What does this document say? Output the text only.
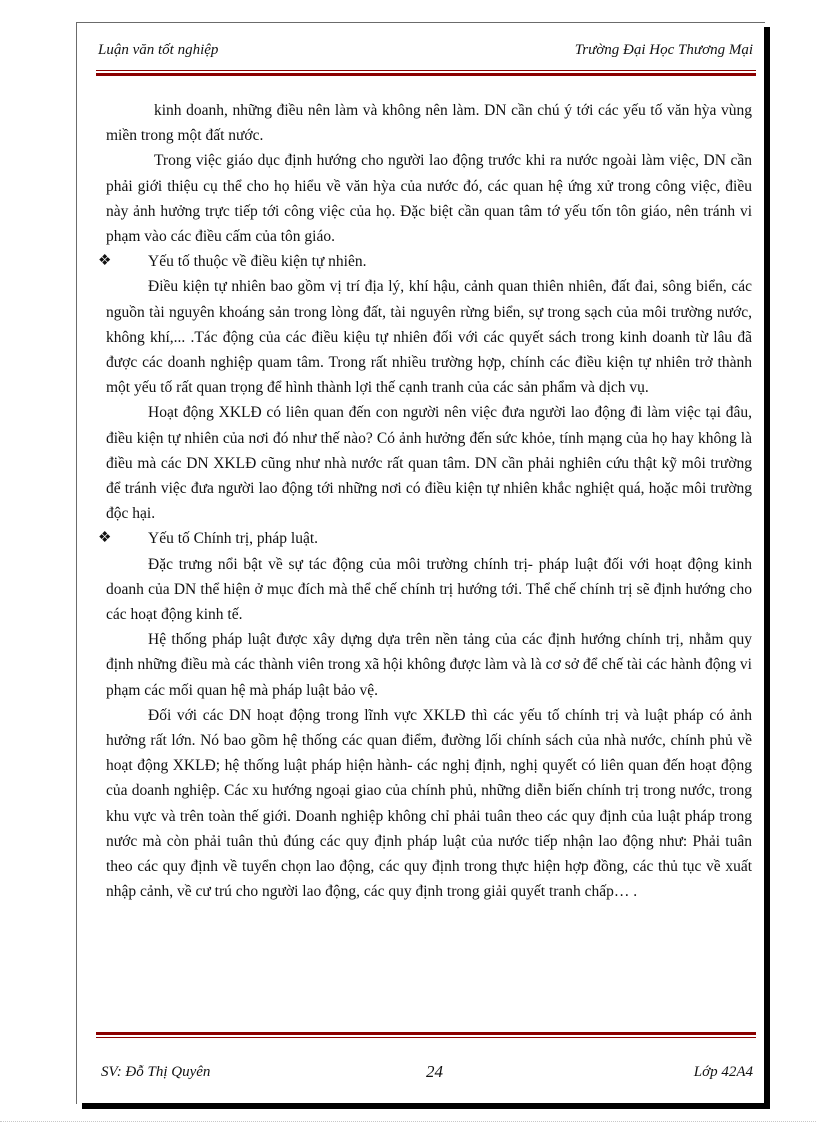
Luận văn tốt nghiệp	Trường Đại Học Thương Mại

kinh doanh, những điều nên làm và không nên làm. DN cần chú ý tới các yếu tố văn hỳa vùng miền trong một đất nước.

Trong việc giáo dục định hướng cho người lao động trước khi ra nước ngoài làm việc, DN cần phải giới thiệu cụ thể cho họ hiểu về văn hỳa của nước đó, các quan hệ ứng xử trong công việc, điều này ảnh hưởng trực tiếp tới công việc của họ. Đặc biệt cần quan tâm tớ yếu tốn tôn giáo, nên tránh vi phạm vào các điều cấm của tôn giáo.

❖ Yếu tố thuộc về điều kiện tự nhiên.

Điều kiện tự nhiên bao gồm vị trí địa lý, khí hậu, cảnh quan thiên nhiên, đất đai, sông biển, các nguồn tài nguyên khoáng sản trong lòng đất, tài nguyên rừng biển, sự trong sạch của môi trường nước, không khí,... .Tác động của các điều kiệu tự nhiên đối với các quyết sách trong kinh doanh từ lâu đã được các doanh nghiệp quam tâm. Trong rất nhiều trường hợp, chính các điều kiện tự nhiên trở thành một yếu tố rất quan trọng để hình thành lợi thế cạnh tranh của các sản phẩm và dịch vụ.

Hoạt động XKLĐ có liên quan đến con người nên việc đưa người lao động đi làm việc tại đâu, điều kiện tự nhiên của nơi đó như thế nào? Có ảnh hưởng đến sức khỏe, tính mạng của họ hay không là điều mà các DN XKLĐ cũng như nhà nước rất quan tâm. DN cần phải nghiên cứu thật kỹ môi trường để tránh việc đưa người lao động tới những nơi có điều kiện tự nhiên khắc nghiệt quá, hoặc môi trường độc hại.

❖ Yếu tố Chính trị, pháp luật.

Đặc trưng nổi bật về sự tác động của môi trường chính trị- pháp luật đối với hoạt động kinh doanh của DN thể hiện ở mục đích mà thể chế chính trị hướng tới. Thể chế chính trị sẽ định hướng cho các hoạt động kinh tế.

Hệ thống pháp luật được xây dựng dựa trên nền tảng của các định hướng chính trị, nhằm quy định những điều mà các thành viên trong xã hội không được làm và là cơ sở để chế tài các hành động vi phạm các mối quan hệ mà pháp luật bảo vệ.

Đối với các DN hoạt động trong lĩnh vực XKLĐ thì các yếu tố chính trị và luật pháp có ảnh hưởng rất lớn. Nó bao gồm hệ thống các quan điểm, đường lối chính sách của nhà nước, chính phủ về hoạt động XKLĐ; hệ thống luật pháp hiện hành- các nghị định, nghị quyết có liên quan đến hoạt động của doanh nghiệp. Các xu hướng ngoại giao của chính phủ, những diễn biến chính trị trong nước, trong khu vực và trên toàn thế giới. Doanh nghiệp không chỉ phải tuân theo các quy định của luật pháp trong nước mà còn phải tuân thủ đúng các quy định pháp luật của nước tiếp nhận lao động như: Phải tuân theo các quy định về tuyển chọn lao động, các quy định trong thực hiện hợp đồng, các thủ tục về xuất nhập cảnh, về cư trú cho người lao động, các quy định trong giải quyết tranh chấp… .

SV: Đỗ Thị Quyên	24	Lớp 42A4
